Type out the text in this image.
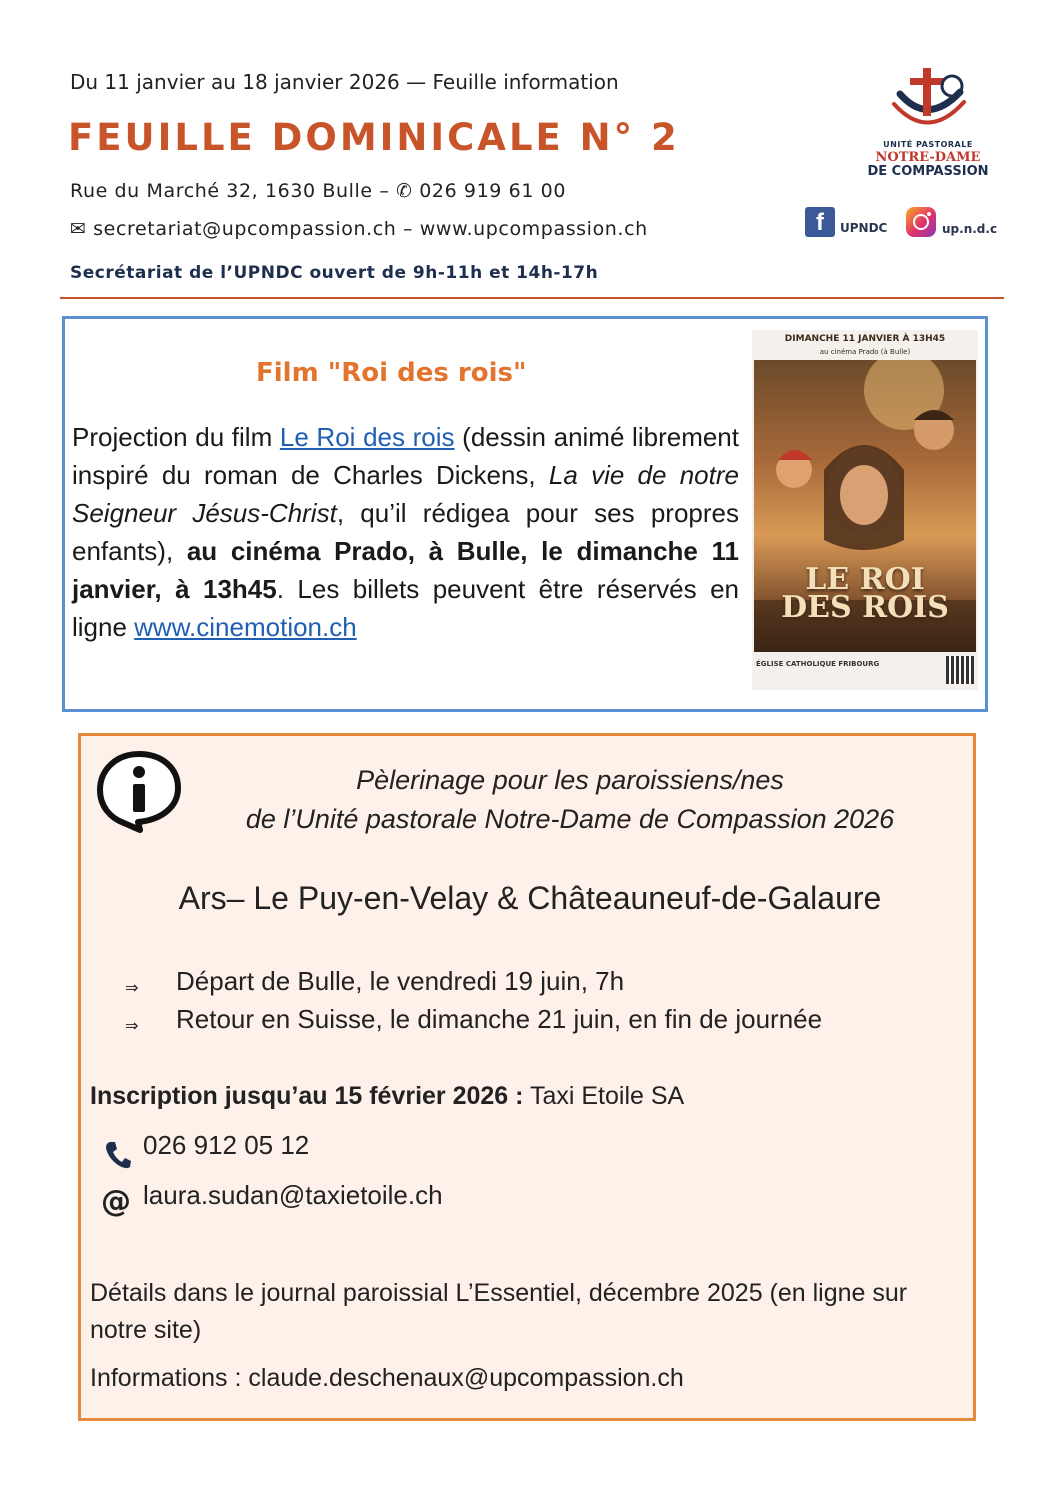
Du 11 janvier au 18 janvier 2026 — Feuille information
FEUILLE DOMINICALE N° 2
Rue du Marché 32, 1630 Bulle – ✆ 026 919 61 00
✉ secretariat@upcompassion.ch – www.upcompassion.ch
Secrétariat de l’UPNDC ouvert de 9h-11h et 14h-17h
UNITÉ PASTORALE
NOTRE-DAME
DE COMPASSION
f	UPNDC	up.n.d.c
Film "Roi des rois"
Projection du film Le Roi des rois (dessin animé librement inspiré du roman de Charles Dickens, La vie de notre Seigneur Jésus-Christ, qu’il rédigea pour ses propres enfants), au cinéma Prado, à Bulle, le dimanche 11 janvier, à 13h45. Les billets peuvent être réservés en ligne www.cinemotion.ch
DIMANCHE 11 JANVIER À 13H45
au cinéma Prado (à Bulle)
LE ROI
DES ROIS
ÉGLISE CATHOLIQUE FRIBOURG
Pèlerinage pour les paroissiens/nes
de l’Unité pastorale Notre-Dame de Compassion 2026
Ars– Le Puy-en-Velay & Châteauneuf-de-Galaure
⇒ Départ de Bulle, le vendredi 19 juin, 7h
⇒ Retour en Suisse, le dimanche 21 juin, en fin de journée
Inscription jusqu’au 15 février 2026 : Taxi Etoile SA
026 912 05 12
@ laura.sudan@taxietoile.ch
Détails dans le journal paroissial L’Essentiel, décembre 2025 (en ligne sur notre site)
Informations : claude.deschenaux@upcompassion.ch
